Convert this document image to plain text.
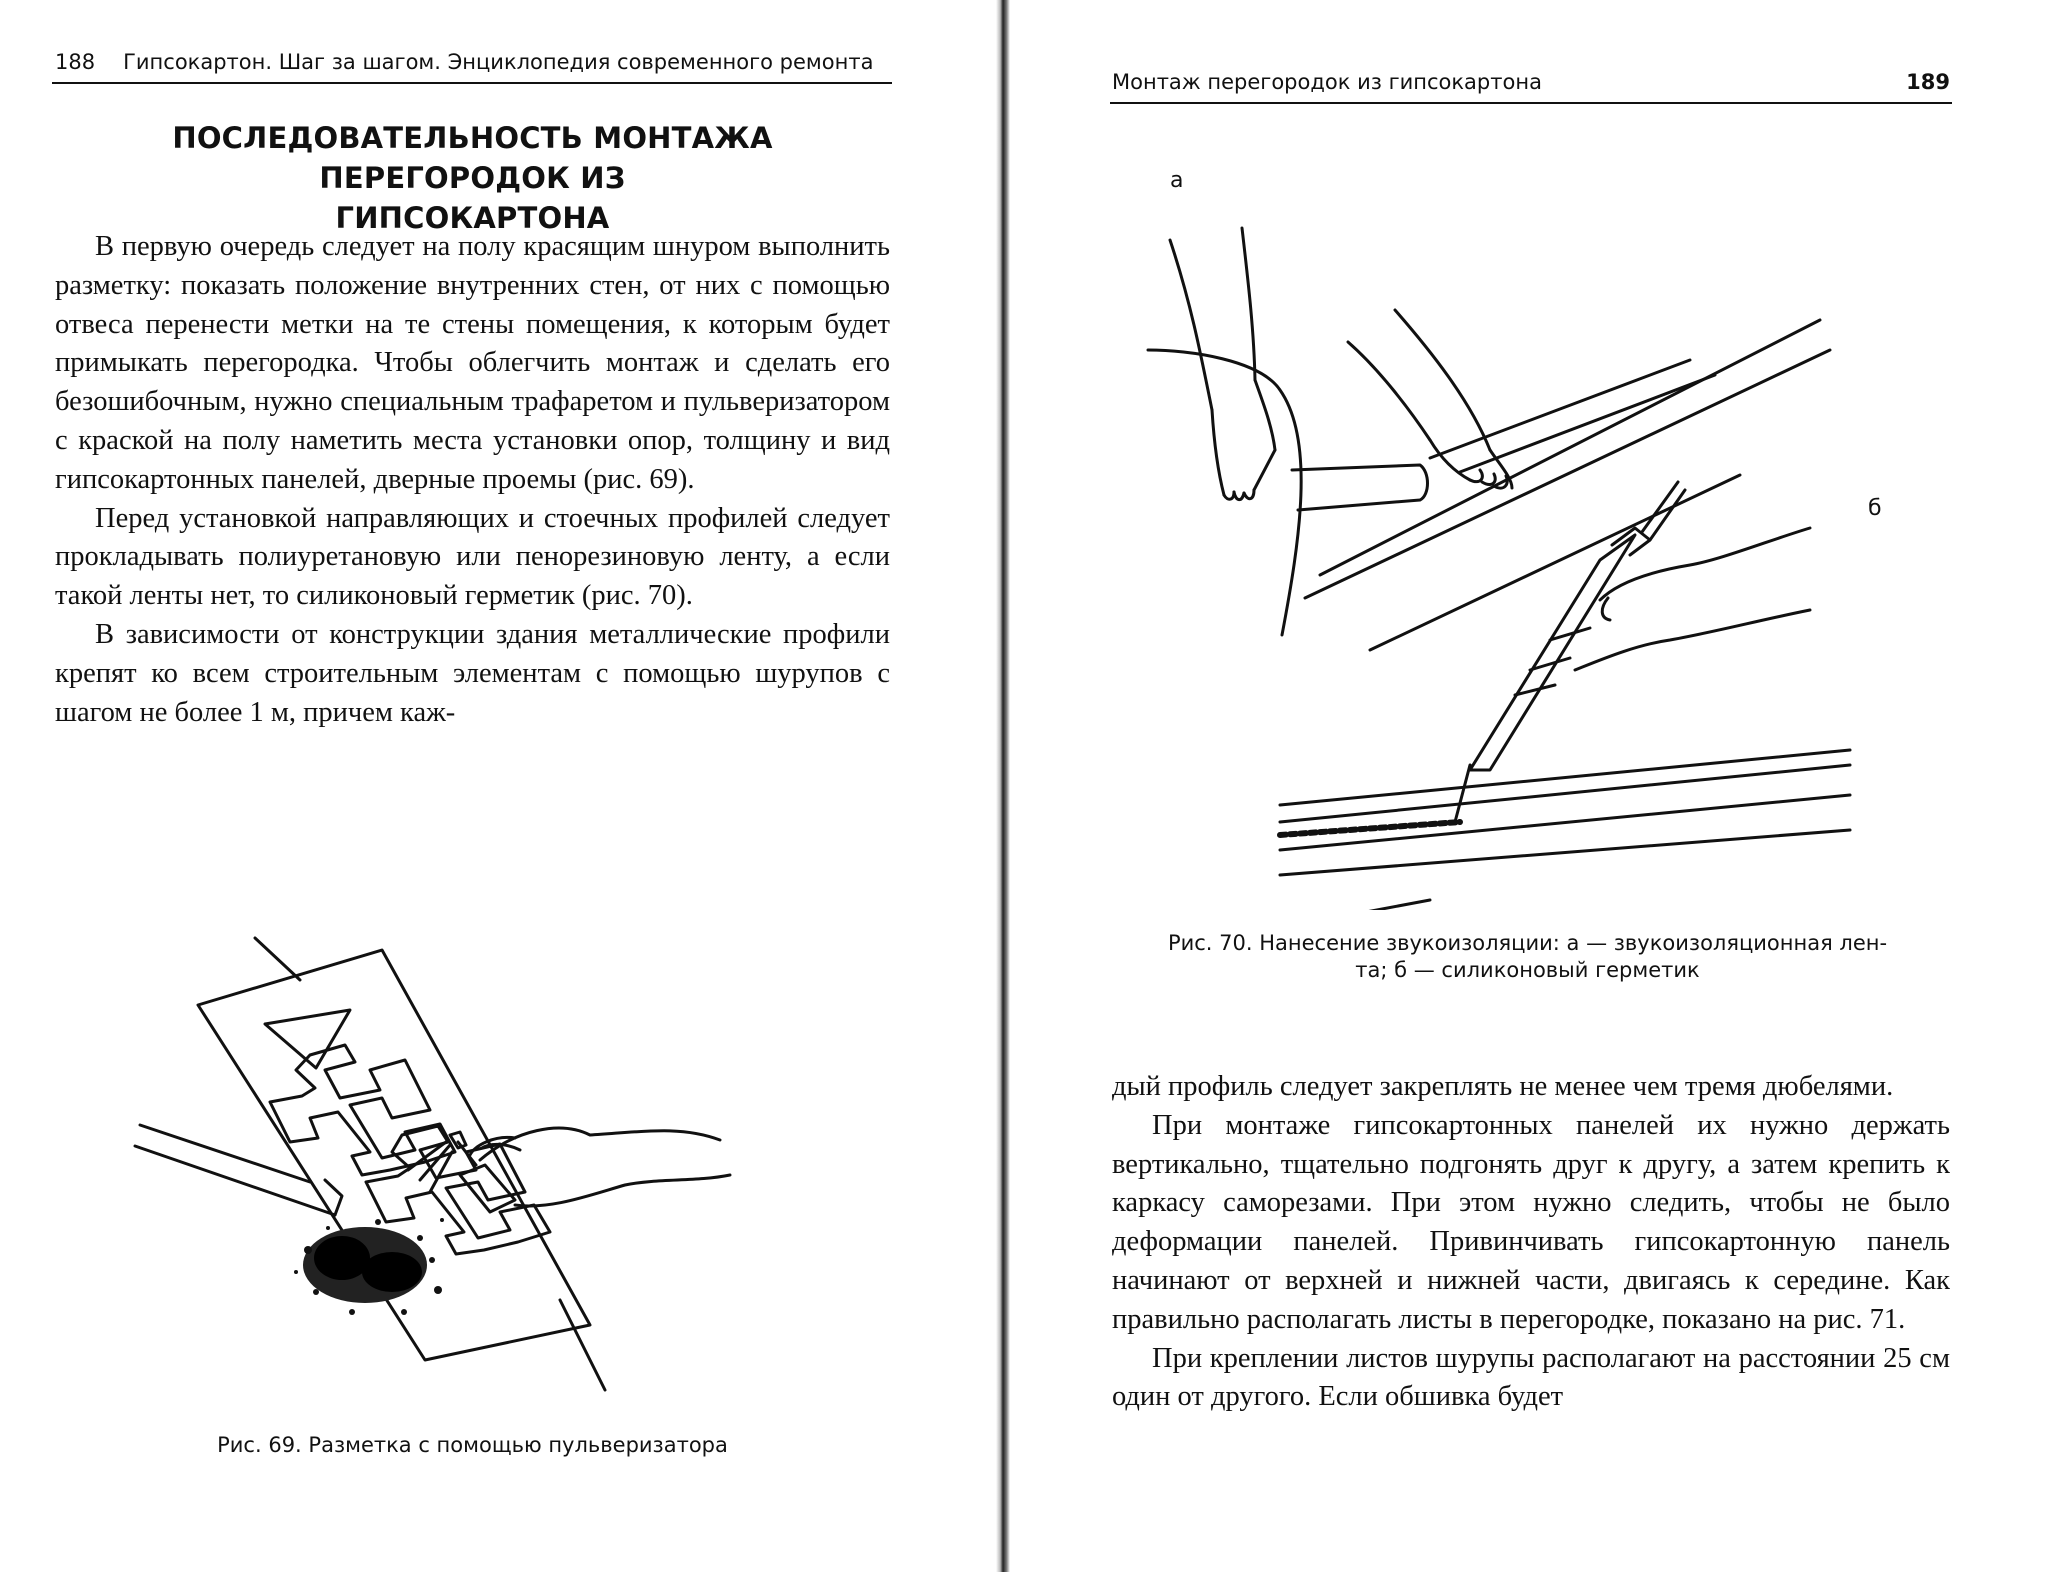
188 Гипсокартон. Шаг за шагом. Энциклопедия современного ремонта
ПОСЛЕДОВАТЕЛЬНОСТЬ МОНТАЖА ПЕРЕГОРОДОК ИЗ
ГИПСОКАРТОНА

В первую очередь следует на полу красящим шнуром выполнить разметку: показать положение внутренних стен, от них с помощью отвеса перенести метки на те стены помещения, к которым будет примыкать перегородка. Чтобы облегчить монтаж и сделать его безошибочным, нужно специальным трафаретом и пульверизатором с краской на полу наметить места установки опор, толщину и вид гипсокартонных панелей, дверные проемы (рис. 69).

Перед установкой направляющих и стоечных профилей следует прокладывать полиуретановую или пенорезиновую ленту, а если такой ленты нет, то силиконовый герметик (рис. 70).

В зависимости от конструкции здания металлические профили крепят ко всем строительным элементам с помощью шурупов с шагом не более 1 м, причем каж-

Рис. 69. Разметка с помощью пульверизатора
Монтаж перегородок из гипсокартона	189
а
б
Рис. 70. Нанесение звукоизоляции: а — звукоизоляционная лен-
та; б — силиконовый герметик

дый профиль следует закреплять не менее чем тремя дюбелями.

При монтаже гипсокартонных панелей их нужно держать вертикально, тщательно подгонять друг к другу, а затем крепить к каркасу саморезами. При этом нужно следить, чтобы не было деформации панелей. Привинчивать гипсокартонную панель начинают от верхней и нижней части, двигаясь к середине. Как правильно располагать листы в перегородке, показано на рис. 71.

При креплении листов шурупы располагают на расстоянии 25 см один от другого. Если обшивка будет
